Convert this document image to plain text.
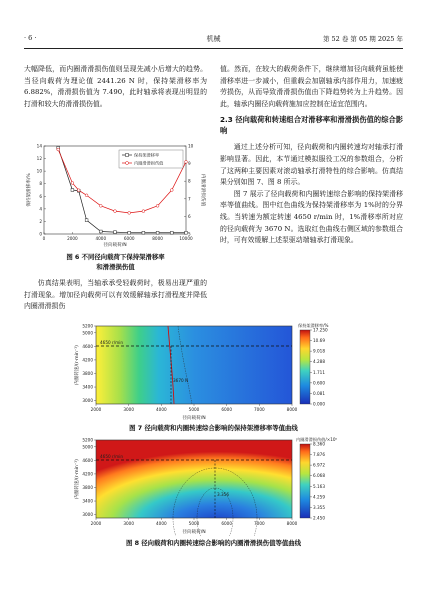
· 6 ·	机械	第 52 卷 第 05 期 2025 年

大幅降低，而内圈滑滑损伤值则呈现先减小后增大的趋势。当径向载荷为理论值 2441.26 N 时，保持架滑移率为 6.882%，滑滑损伤值为 7.490，此时轴承将表现出明显的打滑和较大的滑滑损伤值。

0
2
4
6
8
10
12
14
5
6
7
8
9
10
0	2000	4000	6000	8000	10000
保持架滑移率
内圈滑滑损伤值
径向载荷/N
保持架滑移率/%	内圈滑滑损伤值
图 6 不同径向载荷下保持架滑移率
和滑滑损伤值

仿真结果表明，当轴承承受轻载荷时，极易出现严重的打滑现象。增加径向载荷可以有效缓解轴承打滑程度并降低内圈滑滑损伤

值。然而，在较大的载荷条件下，继续增加径向载荷虽能使滑移率进一步减小，但重载会加剧轴承内部作用力，加速疲劳损伤，从而导致滑滑损伤值由下降趋势转为上升趋势。因此，轴承内圈径向载荷施加应控制在适宜范围内。

2.3 径向载荷和转速组合对滑移率和滑滑损伤值的综合影响

通过上述分析可知，径向载荷和内圈转速均对轴承打滑影响显著。因此，本节通过模拟服役工况的参数组合，分析了这两种主要因素对滚动轴承打滑特性的综合影响。仿真结果分别如图 7、图 8 所示。

图 7 展示了径向载荷和内圈转速综合影响的保持架滑移率等值曲线。图中红色曲线为保持架滑移率为 1%时的分界线。当转速为额定转速 4650 r/min 时，1%滑移率所对应的径向载荷为 3670 N。选取红色曲线右侧区域的参数组合时，可有效缓解上述泵驱动端轴承打滑现象。

4650 r/min
3670 N
3000
3400
3800
4200
4600
5000
5200
2000	3000	4000	5000	6000	7000	8000
径向载荷/N
内圈转速/(r·min⁻¹)
保持架滑移率/%
17.250
10.69
9.018
4.288
1.711
0.600
0.081
0.000
图 7 径向载荷和内圈转速综合影响的保持架滑移率等值曲线
4650 r/min
3.356
3000
3400
3800
4200
4600
5000
5200
2000	3000	4000	5000	6000	7000	8000
径向载荷/N
内圈转速/(r·min⁻¹)
内圈滑滑损伤值/×10⁵
8.360
7.876
6.972
6.068
5.163
4.259
3.355
2.450
图 8 径向载荷和内圈转速综合影响的内圈滑滑损伤值等值曲线
